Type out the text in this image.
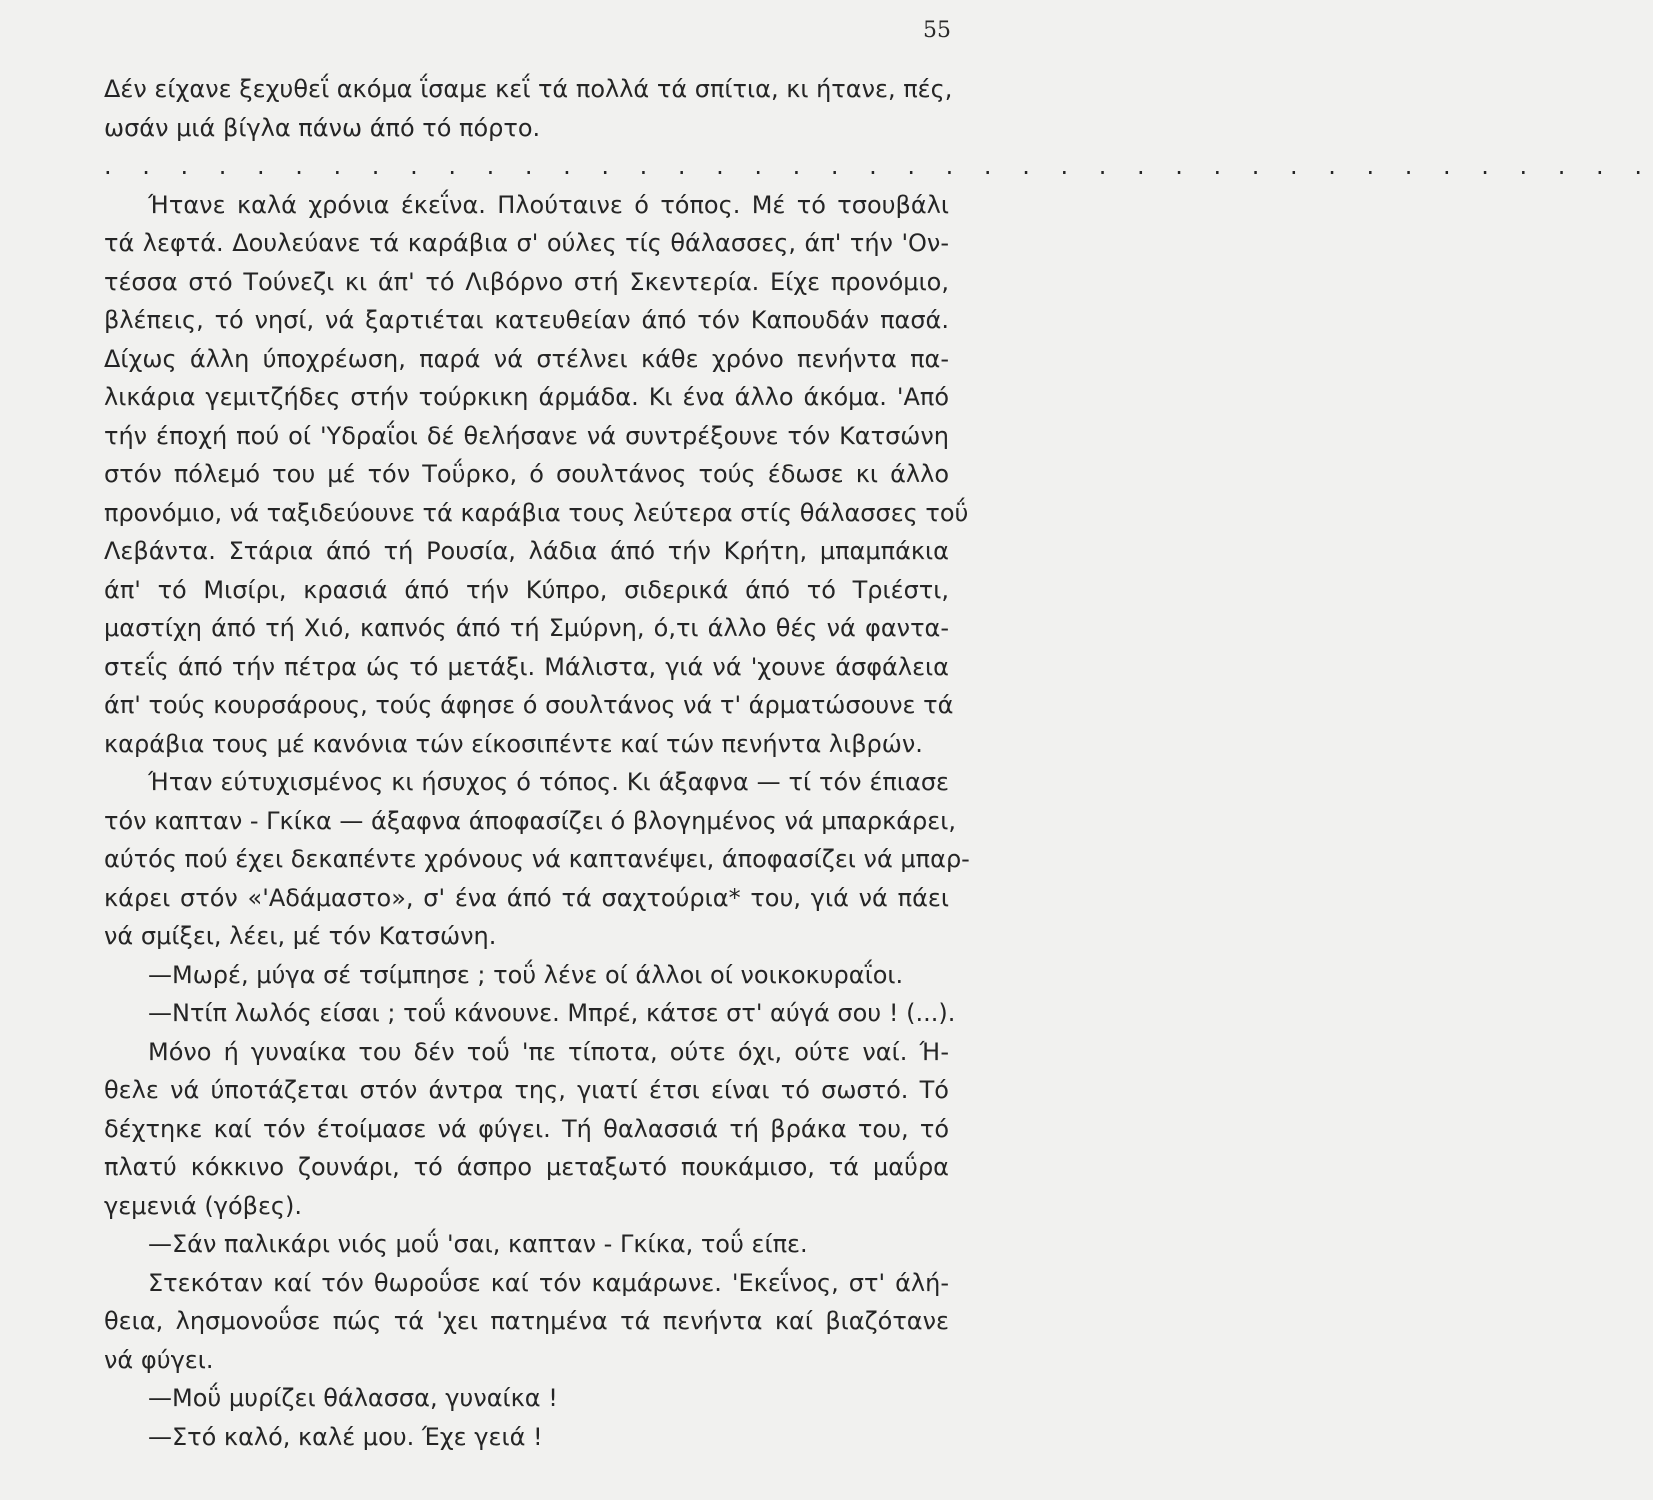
55
Δέν είχανε ξεχυθεΐ ακόμα ΐσαμε κεΐ τά πολλά τά σπίτια, κι ήτανε, πές,
ωσάν μιά βίγλα πάνω άπό τό πόρτο.
. . . . . . . . . . . . . . . . . . . . . . . . . . . . . . . . . . . . . . . . .
Ήτανε καλά χρόνια έκεΐνα. Πλούταινε ό τόπος. Μέ τό τσουβάλι
τά λεφτά. Δουλεύανε τά καράβια σ' ούλες τίς θάλασσες, άπ' τήν 'Ον-
τέσσα στό Τούνεζι κι άπ' τό Λιβόρνο στή Σκεντερία. Είχε προνόμιο,
βλέπεις, τό νησί, νά ξαρτιέται κατευθείαν άπό τόν Καπουδάν πασά.
Δίχως άλλη ύποχρέωση, παρά νά στέλνει κάθε χρόνο πενήντα πα-
λικάρια γεμιτζήδες στήν τούρκικη άρμάδα. Κι ένα άλλο άκόμα. 'Από
τήν έποχή πού οί 'Υδραΐοι δέ θελήσανε νά συντρέξουνε τόν Κατσώνη
στόν πόλεμό του μέ τόν Τοΰρκο, ό σουλτάνος τούς έδωσε κι άλλο
προνόμιο, νά ταξιδεύουνε τά καράβια τους λεύτερα στίς θάλασσες τοΰ
Λεβάντα. Στάρια άπό τή Ρουσία, λάδια άπό τήν Κρήτη, μπαμπάκια
άπ' τό Μισίρι, κρασιά άπό τήν Κύπρο, σιδερικά άπό τό Τριέστι,
μαστίχη άπό τή Χιό, καπνός άπό τή Σμύρνη, ό,τι άλλο θές νά φαντα-
στεΐς άπό τήν πέτρα ώς τό μετάξι. Μάλιστα, γιά νά 'χουνε άσφάλεια
άπ' τούς κουρσάρους, τούς άφησε ό σουλτάνος νά τ' άρματώσουνε τά
καράβια τους μέ κανόνια τών είκοσιπέντε καί τών πενήντα λιβρών.
Ήταν εύτυχισμένος κι ήσυχος ό τόπος. Κι άξαφνα — τί τόν έπιασε
τόν καπταν - Γκίκα — άξαφνα άποφασίζει ό βλογημένος νά μπαρκάρει,
αύτός πού έχει δεκαπέντε χρόνους νά καπτανέψει, άποφασίζει νά μπαρ-
κάρει στόν «'Αδάμαστο», σ' ένα άπό τά σαχτούρια* του, γιά νά πάει
νά σμίξει, λέει, μέ τόν Κατσώνη.
—Μωρέ, μύγα σέ τσίμπησε ; τοΰ λένε οί άλλοι οί νοικοκυραΐοι.
—Ντίπ λωλός είσαι ; τοΰ κάνουνε. Μπρέ, κάτσε στ' αύγά σου ! (...).
Μόνο ή γυναίκα του δέν τοΰ 'πε τίποτα, ούτε όχι, ούτε ναί. Ή-
θελε νά ύποτάζεται στόν άντρα της, γιατί έτσι είναι τό σωστό. Τό
δέχτηκε καί τόν έτοίμασε νά φύγει. Τή θαλασσιά τή βράκα του, τό
πλατύ κόκκινο ζουνάρι, τό άσπρο μεταξωτό πουκάμισο, τά μαΰρα
γεμενιά (γόβες).
—Σάν παλικάρι νιός μοΰ 'σαι, καπταν - Γκίκα, τοΰ είπε.
Στεκόταν καί τόν θωροΰσε καί τόν καμάρωνε. 'Εκεΐνος, στ' άλή-
θεια, λησμονοΰσε πώς τά 'χει πατημένα τά πενήντα καί βιαζότανε
νά φύγει.
—Μοΰ μυρίζει θάλασσα, γυναίκα !
—Στό καλό, καλέ μου. Έχε γειά !
